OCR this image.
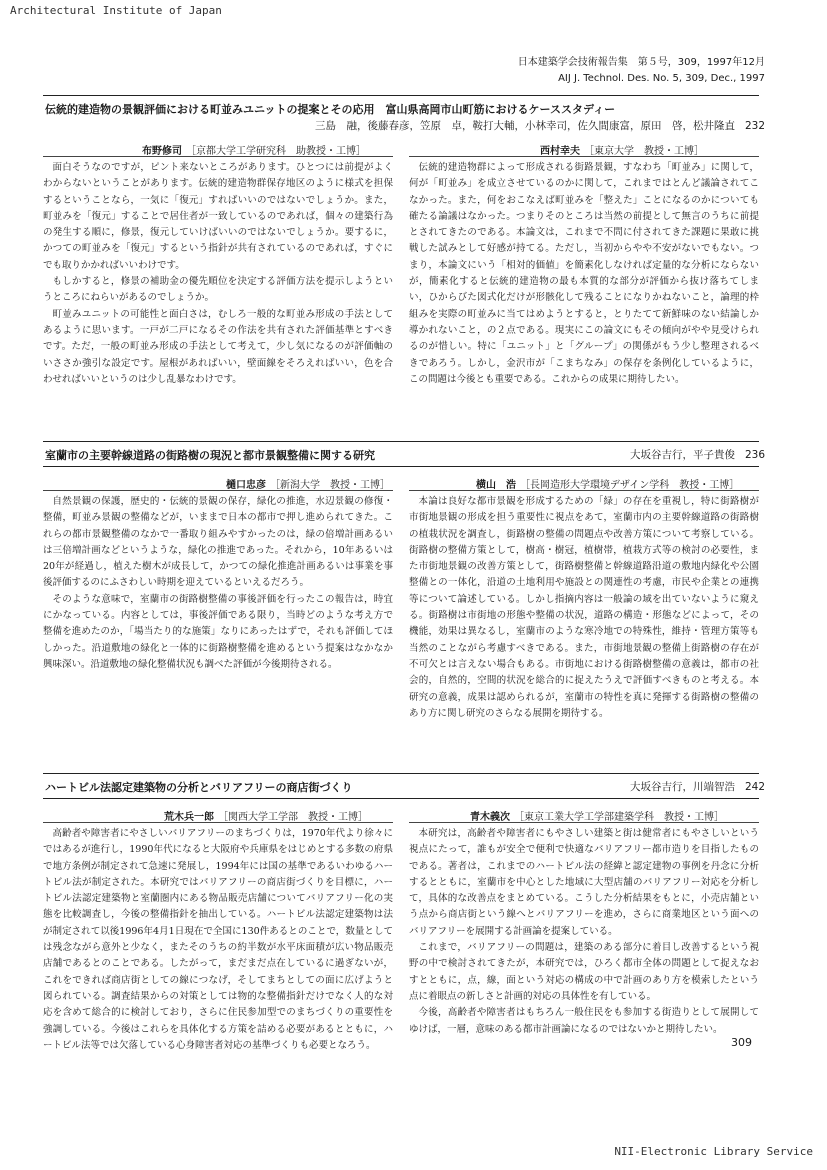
Architectural Institute of Japan
日本建築学会技術報告集　第５号，309，1997年12月
AIJ J. Technol. Des. No. 5, 309, Dec., 1997
伝統的建造物の景観評価における町並みユニットの提案とその応用　富山県高岡市山町筋におけるケーススタディー
三島　融，後藤春彦，笠原　卓，鞍打大輔，小林幸司，佐久間康富，原田　啓，松井隆直 232
布野修司 ［京都大学工学研究科　助教授・工博］

面白そうなのですが，ピント来ないところがあります。ひとつには前提がよくわからないということがあります。伝統的建造物群保存地区のように様式を担保するということなら，一気に「復元」すればいいのではないでしょうか。また，町並みを「復元」することで居住者が一致しているのであれば，個々の建築行為の発生する順に，修景，復元していけばいいのではないでしょうか。要するに，かつての町並みを「復元」するという指針が共有されているのであれば，すぐにでも取りかかればいいわけです。

もしかすると，修景の補助金の優先順位を決定する評価方法を提示しようというところにねらいがあるのでしょうか。

町並みユニットの可能性と面白さは，むしろ一般的な町並み形成の手法としてあるように思います。一戸が二戸になるその作法を共有された評価基準とすべきです。ただ，一般の町並み形成の手法として考えて，少し気になるのが評価軸のいささか強引な設定です。屋根があればいい，壁面線をそろえればいい，色を合わせればいいというのは少し乱暴なわけです。

西村幸夫 ［東京大学　教授・工博］

伝統的建造物群によって形成される街路景観，すなわち「町並み」に関して，何が「町並み」を成立させているのかに関して，これまではとんど議論されてこなかった。また，何をおこなえば町並みを「整えた」ことになるのかについても確たる論議はなかった。つまりそのところは当然の前提として無言のうちに前提とされてきたのである。本論文は，これまで不問に付されてきた課題に果敢に挑戦した試みとして好感が持てる。ただし，当初からやや不安がないでもない。つまり，本論文にいう「相対的価値」を簡素化しなければ定量的な分析にならないが，簡素化すると伝統的建造物の最も本質的な部分が評価から抜け落ちてしまい，ひからびた図式化だけが形骸化して残ることになりかねないこと，論理的枠組みを実際の町並みに当てはめようとすると，とりたてて新鮮味のない結論しか導かれないこと，の２点である。現実にこの論文にもその傾向がやや見受けられるのが惜しい。特に「ユニット」と「グループ」の関係がもう少し整理されるべきであろう。しかし，金沢市が「こまちなみ」の保存を条例化しているように，この問題は今後とも重要である。これからの成果に期待したい。

室蘭市の主要幹線道路の街路樹の現況と都市景観整備に関する研究	大坂谷吉行，平子貴俊 236
樋口忠彦 ［新潟大学　教授・工博］

自然景観の保護，歴史的・伝統的景観の保存，緑化の推進，水辺景観の修復・整備，町並み景観の整備などが，いままで日本の都市で押し進められてきた。これらの都市景観整備のなかで一番取り組みやすかったのは，緑の倍増計画あるいは三倍増計画などというような，緑化の推進であった。それから，10年あるいは20年が経過し，植えた樹木が成長して，かつての緑化推進計画あるいは事業を事後評価するのにふさわしい時期を迎えているといえるだろう。

そのような意味で，室蘭市の街路樹整備の事後評価を行ったこの報告は，時宜にかなっている。内容としては，事後評価である限り，当時どのような考え方で整備を進めたのか，「場当たり的な施策」なりにあったはずで，それも評価してほしかった。沿道敷地の緑化と一体的に街路樹整備を進めるという提案はなかなか興味深い。沿道敷地の緑化整備状況も調べた評価が今後期待される。

横山　浩 ［長岡造形大学環境デザイン学科　教授・工博］

本論は良好な都市景観を形成するための「緑」の存在を重視し，特に街路樹が市街地景観の形成を担う重要性に視点をあて，室蘭市内の主要幹線道路の街路樹の植栽状況を調査し，街路樹の整備の問題点や改善方策について考察している。街路樹の整備方策として，樹高・樹冠，植樹帯，植栽方式等の検討の必要性，また市街地景観の改善方策として，街路樹整備と幹線道路沿道の敷地内緑化や公園整備との一体化，沿道の土地利用や施設との関連性の考慮，市民や企業との連携等について論述している。しかし指摘内容は一般論の域を出ていないように窺える。街路樹は市街地の形態や整備の状況，道路の構造・形態などによって，その機能，効果は異なるし，室蘭市のような寒冷地での特殊性，維持・管理方策等も当然のことながら考慮すべきである。また，市街地景観の整備上街路樹の存在が不可欠とは言えない場合もある。市街地における街路樹整備の意義は，都市の社会的，自然的，空間的状況を総合的に捉えたうえで評価すべきものと考える。本研究の意義，成果は認められるが，室蘭市の特性を真に発揮する街路樹の整備のあり方に関し研究のさらなる展開を期待する。

ハートビル法認定建築物の分析とバリアフリーの商店街づくり	大坂谷吉行，川端智浩 242
荒木兵一郎 ［関西大学工学部　教授・工博］

高齢者や障害者にやさしいバリアフリーのまちづくりは，1970年代より徐々にではあるが進行し，1990年代になると大阪府や兵庫県をはじめとする多数の府県で地方条例が制定されて急速に発展し，1994年には国の基準であるいわゆるハートビル法が制定された。本研究ではバリアフリーの商店街づくりを目標に，ハートビル法認定建築物と室蘭圏内にある物品販売店舗についてバリアフリー化の実態を比較調査し，今後の整備指針を抽出している。ハートビル法認定建築物は法が制定されて以後1996年4月1日現在で全国に130件あるとのことで，数量としては残念ながら意外と少なく，またそのうちの約半数が水平床面積が広い物品販売店舗であるとのことである。したがって，まだまだ点在しているに過ぎないが，これをできれば商店街としての線につなげ，そしてまちとしての面に広げようと図られている。調査結果からの対策としては物的な整備指針だけでなく人的な対応を含めて総合的に検討しており，さらに住民参加型でのまちづくりの重要性を強調している。今後はこれらを具体化する方策を詰める必要があるとともに，ハートビル法等では欠落している心身障害者対応の基準づくりも必要となろう。

青木義次 ［東京工業大学工学部建築学科　教授・工博］

本研究は，高齢者や障害者にもやさしい建築と街は健常者にもやさしいという視点にたって，誰もが安全で便利で快適なバリアフリー都市造りを目指したものである。著者は，これまでのハートビル法の経緯と認定建物の事例を丹念に分析するとともに，室蘭市を中心とした地域に大型店舗のバリアフリー対応を分析して，具体的な改善点をまとめている。こうした分析結果をもとに，小売店舗という点から商店街という線へとバリアフリーを進め，さらに商業地区という面へのバリアフリーを展開する計画論を提案している。

これまで，バリアフリーの問題は，建築のある部分に着目し改善するという視野の中で検討されてきたが，本研究では，ひろく都市全体の問題として捉えなおすとともに，点，線，面という対応の構成の中で計画のあり方を模索したという点に着眼点の新しさと計画的対応の具体性を有している。

今後，高齢者や障害者はもちろん一般住民をも参加する街造りとして展開してゆけば，一層，意味のある都市計画論になるのではないかと期待したい。

309
NII-Electronic Library Service
